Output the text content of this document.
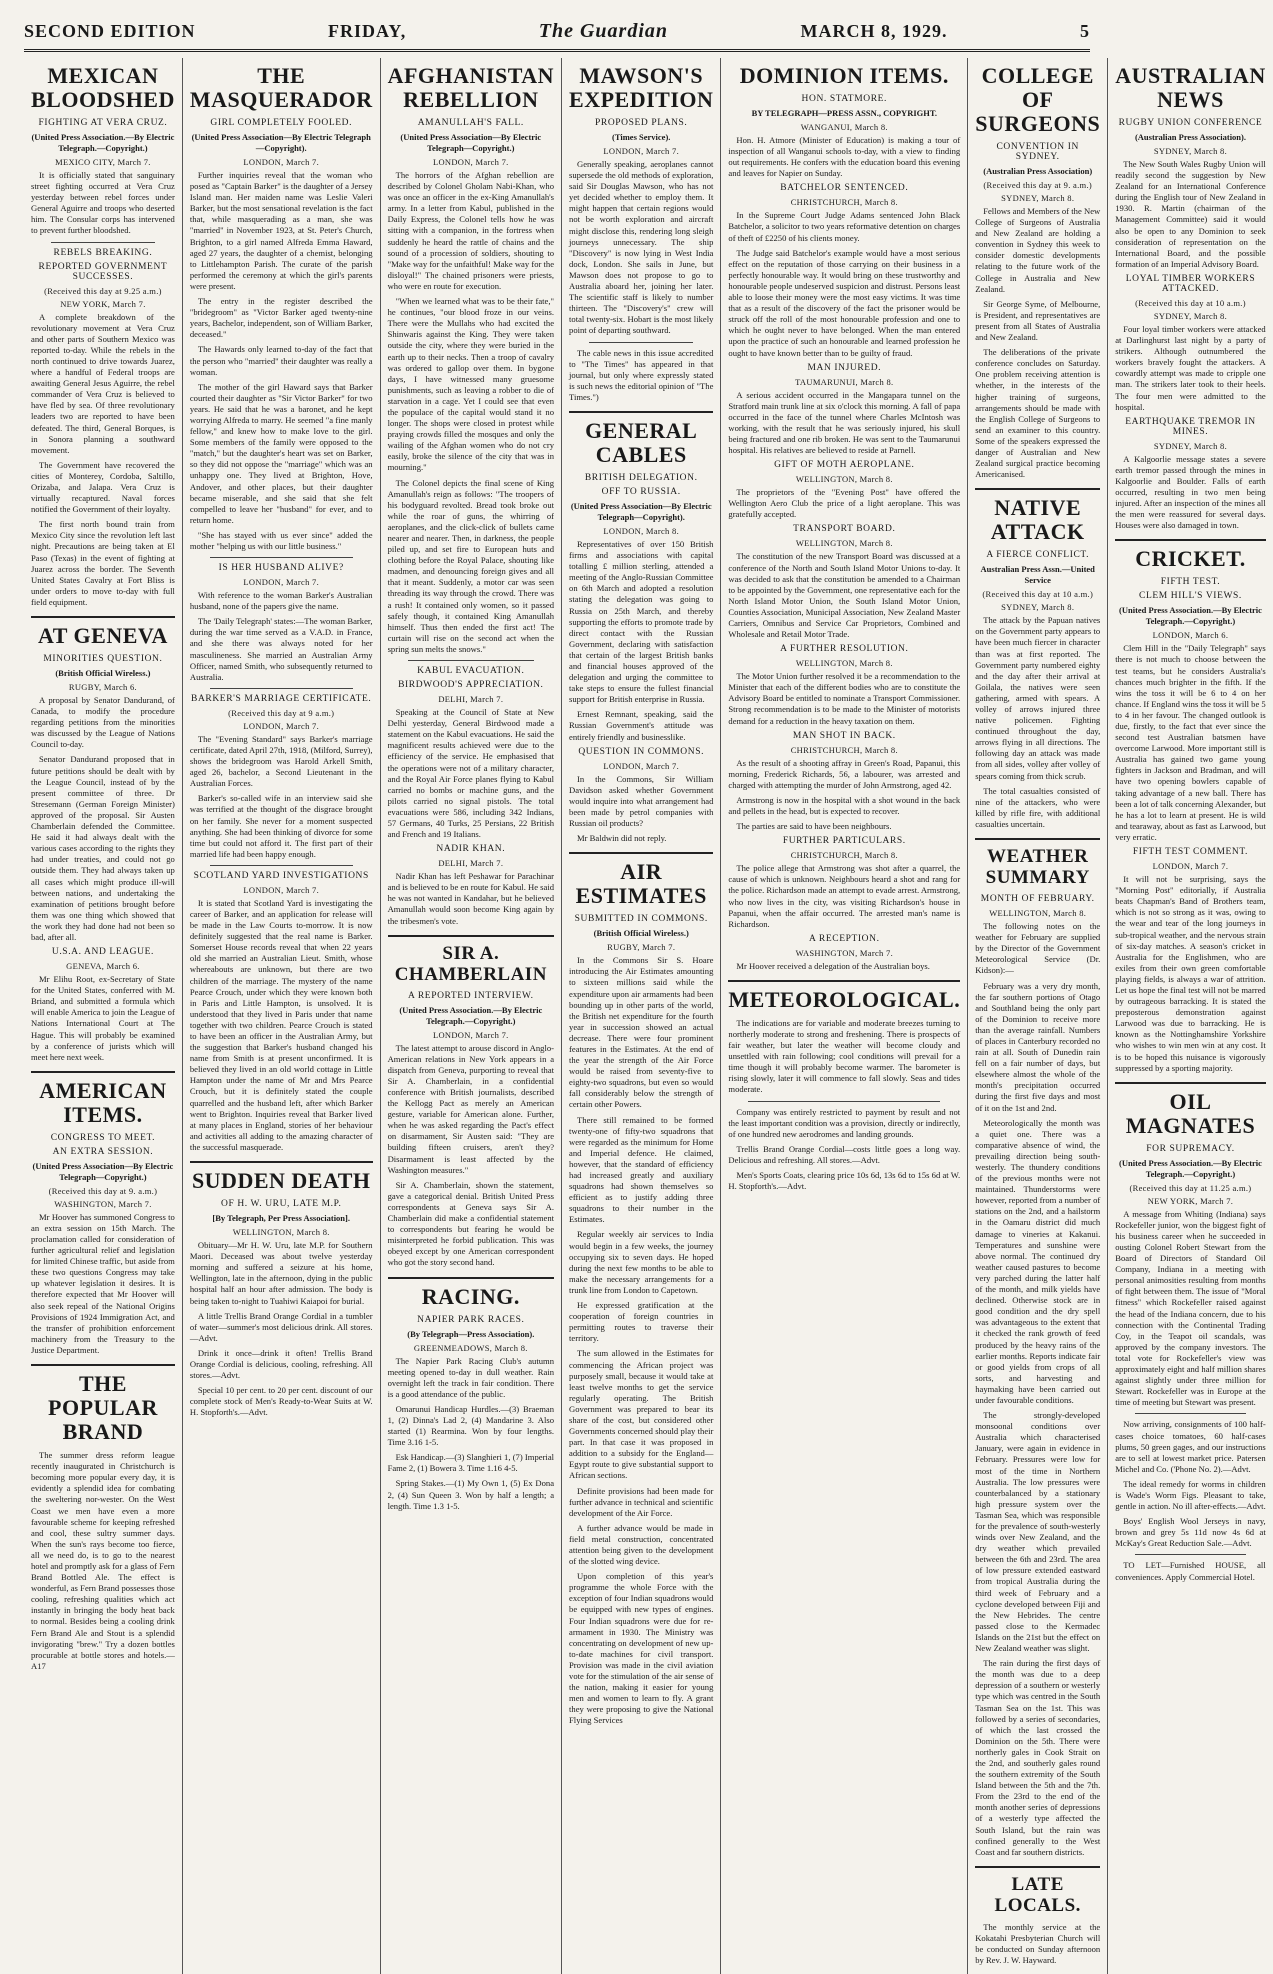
SECOND EDITION	FRIDAY,	The Guardian	MARCH 8, 1929.	5
MEXICAN BLOODSHED
FIGHTING AT VERA CRUZ.
(United Press Association.—By Electric Telegraph.—Copyright.)
MEXICO CITY, March 7.

It is officially stated that sanguinary street fighting occurred at Vera Cruz yesterday between rebel forces under General Aguirre and troops who deserted him. The Consular corps has intervened to prevent further bloodshed.

REBELS BREAKING.
REPORTED GOVERNMENT SUCCESSES.
(Received this day at 9.25 a.m.)
NEW YORK, March 7.

A complete breakdown of the revolutionary movement at Vera Cruz and other parts of Southern Mexico was reported to-day. While the rebels in the north continued to drive towards Juarez, where a handful of Federal troops are awaiting General Jesus Aguirre, the rebel commander of Vera Cruz is believed to have fled by sea. Of three revolutionary leaders two are reported to have been defeated. The third, General Borques, is in Sonora planning a southward movement.

The Government have recovered the cities of Monterey, Cordoba, Saltillo, Orizaba, and Jalapa. Vera Cruz is virtually recaptured. Naval forces notified the Government of their loyalty.

The first north bound train from Mexico City since the revolution left last night. Precautions are being taken at El Paso (Texas) in the event of fighting at Juarez across the border. The Seventh United States Cavalry at Fort Bliss is under orders to move to-day with full field equipment.

AT GENEVA
MINORITIES QUESTION.
(British Official Wireless.)
RUGBY, March 6.

A proposal by Senator Dandurand, of Canada, to modify the procedure regarding petitions from the minorities was discussed by the League of Nations Council to-day.

Senator Dandurand proposed that in future petitions should be dealt with by the League Council, instead of by the present committee of three. Dr Stresemann (German Foreign Minister) approved of the proposal. Sir Austen Chamberlain defended the Committee. He said it had always dealt with the various cases according to the rights they had under treaties, and could not go outside them. They had always taken up all cases which might produce ill-will between nations, and undertaking the examination of petitions brought before them was one thing which showed that the work they had done had not been so bad, after all.

U.S.A. AND LEAGUE.
GENEVA, March 6.

Mr Elihu Root, ex-Secretary of State for the United States, conferred with M. Briand, and submitted a formula which will enable America to join the League of Nations International Court at The Hague. This will probably be examined by a conference of jurists which will meet here next week.

AMERICAN ITEMS.
CONGRESS TO MEET.
AN EXTRA SESSION.
(United Press Association—By Electric Telegraph—Copyright.)
(Received this day at 9. a.m.)
WASHINGTON, March 7.

Mr Hoover has summoned Congress to an extra session on 15th March. The proclamation called for consideration of further agricultural relief and legislation for limited Chinese traffic, but aside from these two questions Congress may take up whatever legislation it desires. It is therefore expected that Mr Hoover will also seek repeal of the National Origins Provisions of 1924 Immigration Act, and the transfer of prohibition enforcement machinery from the Treasury to the Justice Department.

THE POPULAR BRAND

The summer dress reform league recently inaugurated in Christchurch is becoming more popular every day, it is evidently a splendid idea for combating the sweltering nor-wester. On the West Coast we men have even a more favourable scheme for keeping refreshed and cool, these sultry summer days. When the sun's rays become too fierce, all we need do, is to go to the nearest hotel and promptly ask for a glass of Fern Brand Bottled Ale. The effect is wonderful, as Fern Brand possesses those cooling, refreshing qualities which act instantly in bringing the body heat back to normal. Besides being a cooling drink Fern Brand Ale and Stout is a splendid invigorating "brew." Try a dozen bottles procurable at bottle stores and hotels.—A17

THE MASQUERADOR
GIRL COMPLETELY FOOLED.
(United Press Association—By Electric Telegraph—Copyright).
LONDON, March 7.

Further inquiries reveal that the woman who posed as "Captain Barker" is the daughter of a Jersey Island man. Her maiden name was Leslie Valeri Barker, but the most sensational revelation is the fact that, while masquerading as a man, she was "married" in November 1923, at St. Peter's Church, Brighton, to a girl named Alfreda Emma Haward, aged 27 years, the daughter of a chemist, belonging to Littlehampton Parish. The curate of the parish performed the ceremony at which the girl's parents were present.

The entry in the register described the "bridegroom" as "Victor Barker aged twenty-nine years, Bachelor, independent, son of William Barker, deceased."

The Hawards only learned to-day of the fact that the person who "married" their daughter was really a woman.

The mother of the girl Haward says that Barker courted their daughter as "Sir Victor Barker" for two years. He said that he was a baronet, and he kept worrying Alfreda to marry. He seemed "a fine manly fellow," and knew how to make love to the girl. Some members of the family were opposed to the "match," but the daughter's heart was set on Barker, so they did not oppose the "marriage" which was an unhappy one. They lived at Brighton, Hove, Andover, and other places, but their daughter became miserable, and she said that she felt compelled to leave her "husband" for ever, and to return home.

"She has stayed with us ever since" added the mother "helping us with our little business."

IS HER HUSBAND ALIVE?
LONDON, March 7.

With reference to the woman Barker's Australian husband, none of the papers give the name.

The 'Daily Telegraph' states:—The woman Barker, during the war time served as a V.A.D. in France, and she there was always noted for her masculineness. She married an Australian Army Officer, named Smith, who subsequently returned to Australia.

BARKER'S MARRIAGE CERTIFICATE.
(Received this day at 9 a.m.)
LONDON, March 7.

The "Evening Standard" says Barker's marriage certificate, dated April 27th, 1918, (Milford, Surrey), shows the bridegroom was Harold Arkell Smith, aged 26, bachelor, a Second Lieutenant in the Australian Forces.

Barker's so-called wife in an interview said she was terrified at the thought of the disgrace brought on her family. She never for a moment suspected anything. She had been thinking of divorce for some time but could not afford it. The first part of their married life had been happy enough.

SCOTLAND YARD INVESTIGATIONS
LONDON, March 7.

It is stated that Scotland Yard is investigating the career of Barker, and an application for release will be made in the Law Courts to-morrow. It is now definitely suggested that the real name is Barker. Somerset House records reveal that when 22 years old she married an Australian Lieut. Smith, whose whereabouts are unknown, but there are two children of the marriage. The mystery of the name Pearce Crouch, under which they were known both in Paris and Little Hampton, is unsolved. It is understood that they lived in Paris under that name together with two children. Pearce Crouch is stated to have been an officer in the Australian Army, but the suggestion that Barker's husband changed his name from Smith is at present unconfirmed. It is believed they lived in an old world cottage in Little Hampton under the name of Mr and Mrs Pearce Crouch, but it is definitely stated the couple quarrelled and the husband left, after which Barker went to Brighton. Inquiries reveal that Barker lived at many places in England, stories of her behaviour and activities all adding to the amazing character of the successful masquerade.

SUDDEN DEATH
OF H. W. URU, LATE M.P.
[By Telegraph, Per Press Association].
WELLINGTON, March 8.

Obituary—Mr H. W. Uru, late M.P. for Southern Maori. Deceased was about twelve yesterday morning and suffered a seizure at his home, Wellington, late in the afternoon, dying in the public hospital half an hour after admission. The body is being taken to-night to Tuahiwi Kaiapoi for burial.

A little Trellis Brand Orange Cordial in a tumbler of water—summer's most delicious drink. All stores.—Advt.

Drink it once—drink it often! Trellis Brand Orange Cordial is delicious, cooling, refreshing. All stores.—Advt.

Special 10 per cent. to 20 per cent. discount of our complete stock of Men's Ready-to-Wear Suits at W. H. Stopforth's.—Advt.

AFGHANISTAN REBELLION
AMANULLAH'S FALL.
(United Press Association—By Electric Telegraph—Copyright.)
LONDON, March 7.

The horrors of the Afghan rebellion are described by Colonel Gholam Nabi-Khan, who was once an officer in the ex-King Amanullah's army. In a letter from Kabul, published in the Daily Express, the Colonel tells how he was sitting with a companion, in the fortress when suddenly he heard the rattle of chains and the sound of a procession of soldiers, shouting to "Make way for the unfaithful! Make way for the disloyal!" The chained prisoners were priests, who were en route for execution.

"When we learned what was to be their fate," he continues, "our blood froze in our veins. There were the Mullahs who had excited the Shinwaris against the King. They were taken outside the city, where they were buried in the earth up to their necks. Then a troop of cavalry was ordered to gallop over them. In bygone days, I have witnessed many gruesome punishments, such as leaving a robber to die of starvation in a cage. Yet I could see that even the populace of the capital would stand it no longer. The shops were closed in protest while praying crowds filled the mosques and only the wailing of the Afghan women who do not cry easily, broke the silence of the city that was in mourning."

The Colonel depicts the final scene of King Amanullah's reign as follows: "The troopers of his bodyguard revolted. Bread took broke out while the roar of guns, the whirring of aeroplanes, and the click-click of bullets came nearer and nearer. Then, in darkness, the people piled up, and set fire to European huts and clothing before the Royal Palace, shouting like madmen, and denouncing foreign gives and all that it meant. Suddenly, a motor car was seen threading its way through the crowd. There was a rush! It contained only women, so it passed safely though, it contained King Amanullah himself. Thus then ended the first act! The curtain will rise on the second act when the spring sun melts the snows."

KABUL EVACUATION.
BIRDWOOD'S APPRECIATION.
DELHI, March 7.

Speaking at the Council of State at New Delhi yesterday, General Birdwood made a statement on the Kabul evacuations. He said the magnificent results achieved were due to the efficiency of the service. He emphasised that the operations were not of a military character, and the Royal Air Force planes flying to Kabul carried no bombs or machine guns, and the pilots carried no signal pistols. The total evacuations were 586, including 342 Indians, 57 Germans, 40 Turks, 25 Persians, 22 British and French and 19 Italians.

NADIR KHAN.
DELHI, March 7.

Nadir Khan has left Peshawar for Parachinar and is believed to be en route for Kabul. He said he was not wanted in Kandahar, but he believed Amanullah would soon become King again by the tribesmen's vote.

SIR A. CHAMBERLAIN
A REPORTED INTERVIEW.
(United Press Association.—By Electric Telegraph.—Copyright.)
LONDON, March 7.

The latest attempt to arouse discord in Anglo-American relations in New York appears in a dispatch from Geneva, purporting to reveal that Sir A. Chamberlain, in a confidential conference with British journalists, described the Kellogg Pact as merely an American gesture, variable for American alone. Further, when he was asked regarding the Pact's effect on disarmament, Sir Austen said: "They are building fifteen cruisers, aren't they? Disarmament is least affected by the Washington measures."

Sir A. Chamberlain, shown the statement, gave a categorical denial. British United Press correspondents at Geneva says Sir A. Chamberlain did make a confidential statement to correspondents but fearing he would be misinterpreted he forbid publication. This was obeyed except by one American correspondent who got the story second hand.

RACING.
NAPIER PARK RACES.
(By Telegraph—Press Association).
GREENMEADOWS, March 8.

The Napier Park Racing Club's autumn meeting opened to-day in dull weather. Rain overnight left the track in fair condition. There is a good attendance of the public.

Omarunui Handicap Hurdles.—(3) Braeman 1, (2) Dinna's Lad 2, (4) Mandarine 3. Also started (1) Rearmina. Won by four lengths. Time 3.16 1-5.

Esk Handicap.—(3) Slanghieri 1, (7) Imperial Fame 2, (1) Bowera 3. Time 1.16 4-5.

Spring Stakes.—(1) My Own 1, (5) Ex Dona 2, (4) Sun Queen 3. Won by half a length; a length. Time 1.3 1-5.

MAWSON'S EXPEDITION
PROPOSED PLANS.
(Times Service).
LONDON, March 7.

Generally speaking, aeroplanes cannot supersede the old methods of exploration, said Sir Douglas Mawson, who has not yet decided whether to employ them. It might happen that certain regions would not be worth exploration and aircraft might disclose this, rendering long sleigh journeys unnecessary. The ship "Discovery" is now lying in West India dock, London. She sails in June, but Mawson does not propose to go to Australia aboard her, joining her later. The scientific staff is likely to number thirteen. The "Discovery's" crew will total twenty-six. Hobart is the most likely point of departing southward.

The cable news in this issue accredited to "The Times" has appeared in that journal, but only where expressly stated is such news the editorial opinion of "The Times.")

GENERAL CABLES
BRITISH DELEGATION.
OFF TO RUSSIA.
(United Press Association—By Electric Telegraph—Copyright).
LONDON, March 8.

Representatives of over 150 British firms and associations with capital totalling £ million sterling, attended a meeting of the Anglo-Russian Committee on 6th March and adopted a resolution stating the delegation was going to Russia on 25th March, and thereby supporting the efforts to promote trade by direct contact with the Russian Government, declaring with satisfaction that certain of the largest British banks and financial houses approved of the delegation and urging the committee to take steps to ensure the fullest financial support for British enterprise in Russia.

Ernest Remnant, speaking, said the Russian Government's attitude was entirely friendly and businesslike.

QUESTION IN COMMONS.
LONDON, March 7.

In the Commons, Sir William Davidson asked whether Government would inquire into what arrangement had been made by petrol companies with Russian oil products?

Mr Baldwin did not reply.

AIR ESTIMATES
SUBMITTED IN COMMONS.
(British Official Wireless.)
RUGBY, March 7.

In the Commons Sir S. Hoare introducing the Air Estimates amounting to sixteen millions said while the expenditure upon air armaments had been bounding up in other parts of the world, the British net expenditure for the fourth year in succession showed an actual decrease. There were four prominent features in the Estimates. At the end of the year the strength of the Air Force would be raised from seventy-five to eighty-two squadrons, but even so would fall considerably below the strength of certain other Powers.

There still remained to be formed twenty-one of fifty-two squadrons that were regarded as the minimum for Home and Imperial defence. He claimed, however, that the standard of efficiency had increased greatly and auxiliary squadrons had shown themselves so efficient as to justify adding three squadrons to their number in the Estimates.

Regular weekly air services to India would begin in a few weeks, the journey occupying six to seven days. He hoped during the next few months to be able to make the necessary arrangements for a trunk line from London to Capetown.

He expressed gratification at the cooperation of foreign countries in permitting routes to traverse their territory.

The sum allowed in the Estimates for commencing the African project was purposely small, because it would take at least twelve months to get the service regularly operating. The British Government was prepared to bear its share of the cost, but considered other Governments concerned should play their part. In that case it was proposed in addition to a subsidy for the England—Egypt route to give substantial support to African sections.

Definite provisions had been made for further advance in technical and scientific development of the Air Force.

A further advance would be made in field metal construction, concentrated attention being given to the development of the slotted wing device.

Upon completion of this year's programme the whole Force with the exception of four Indian squadrons would be equipped with new types of engines. Four Indian squadrons were due for re-armament in 1930. The Ministry was concentrating on development of new up-to-date machines for civil transport. Provision was made in the civil aviation vote for the stimulation of the air sense of the nation, making it easier for young men and women to learn to fly. A grant they were proposing to give the National Flying Services

DOMINION ITEMS.
HON. STATMORE.
BY TELEGRAPH—PRESS ASSN., COPYRIGHT.
WANGANUI, March 8.

Hon. H. Atmore (Minister of Education) is making a tour of inspection of all Wanganui schools to-day, with a view to finding out requirements. He confers with the education board this evening and leaves for Napier on Sunday.

BATCHELOR SENTENCED.
CHRISTCHURCH, March 8.

In the Supreme Court Judge Adams sentenced John Black Batchelor, a solicitor to two years reformative detention on charges of theft of £2250 of his clients money.

The Judge said Batchelor's example would have a most serious effect on the reputation of those carrying on their business in a perfectly honourable way. It would bring on these trustworthy and honourable people undeserved suspicion and distrust. Persons least able to loose their money were the most easy victims. It was time that as a result of the discovery of the fact the prisoner would be struck off the roll of the most honourable profession and one to which he ought never to have belonged. When the man entered upon the practice of such an honourable and learned profession he ought to have known better than to be guilty of fraud.

MAN INJURED.
TAUMARUNUI, March 8.

A serious accident occurred in the Mangapara tunnel on the Stratford main trunk line at six o'clock this morning. A fall of papa occurred in the face of the tunnel where Charles McIntosh was working, with the result that he was seriously injured, his skull being fractured and one rib broken. He was sent to the Taumarunui hospital. His relatives are believed to reside at Parnell.

GIFT OF MOTH AEROPLANE.
WELLINGTON, March 8.

The proprietors of the "Evening Post" have offered the Wellington Aero Club the price of a light aeroplane. This was gratefully accepted.

TRANSPORT BOARD.
WELLINGTON, March 8.

The constitution of the new Transport Board was discussed at a conference of the North and South Island Motor Unions to-day. It was decided to ask that the constitution be amended to a Chairman to be appointed by the Government, one representative each for the North Island Motor Union, the South Island Motor Union, Counties Association, Municipal Association, New Zealand Master Carriers, Omnibus and Service Car Proprietors, Combined and Wholesale and Retail Motor Trade.

A FURTHER RESOLUTION.
WELLINGTON, March 8.

The Motor Union further resolved it be a recommendation to the Minister that each of the different bodies who are to constitute the Advisory Board be entitled to nominate a Transport Commissioner. Strong recommendation is to be made to the Minister of motorists demand for a reduction in the heavy taxation on them.

MAN SHOT IN BACK.
CHRISTCHURCH, March 8.

As the result of a shooting affray in Green's Road, Papanui, this morning, Frederick Richards, 56, a labourer, was arrested and charged with attempting the murder of John Armstrong, aged 42.

Armstrong is now in the hospital with a shot wound in the back and pellets in the head, but is expected to recover.

The parties are said to have been neighbours.

FURTHER PARTICULARS.
CHRISTCHURCH, March 8.

The police allege that Armstrong was shot after a quarrel, the cause of which is unknown. Neighbours heard a shot and rang for the police. Richardson made an attempt to evade arrest. Armstrong, who now lives in the city, was visiting Richardson's house in Papanui, when the affair occurred. The arrested man's name is Richardson.

A RECEPTION.
WASHINGTON, March 7.

Mr Hoover received a delegation of the Australian boys.

METEOROLOGICAL.

The indications are for variable and moderate breezes turning to northerly moderate to strong and freshening. There is prospects of fair weather, but later the weather will become cloudy and unsettled with rain following; cool conditions will prevail for a time though it will probably become warmer. The barometer is rising slowly, later it will commence to fall slowly. Seas and tides moderate.

Company was entirely restricted to payment by result and not the least important condition was a provision, directly or indirectly, of one hundred new aerodromes and landing grounds.

Trellis Brand Orange Cordial—costs little goes a long way. Delicious and refreshing. All stores.—Advt.

Men's Sports Coats, clearing price 10s 6d, 13s 6d to 15s 6d at W. H. Stopforth's.—Advt.

COLLEGE OF SURGEONS
CONVENTION IN SYDNEY.
(Australian Press Association)
(Received this day at 9. a.m.)
SYDNEY, March 8.

Fellows and Members of the New College of Surgeons of Australia and New Zealand are holding a convention in Sydney this week to consider domestic developments relating to the future work of the College in Australia and New Zealand.

Sir George Syme, of Melbourne, is President, and representatives are present from all States of Australia and New Zealand.

The deliberations of the private conference concludes on Saturday. One problem receiving attention is whether, in the interests of the higher training of surgeons, arrangements should be made with the English College of Surgeons to send an examiner to this country. Some of the speakers expressed the danger of Australian and New Zealand surgical practice becoming Americanised.

NATIVE ATTACK
A FIERCE CONFLICT.
Australian Press Assn.—United Service
(Received this day at 10 a.m.)
SYDNEY, March 8.

The attack by the Papuan natives on the Government party appears to have been much fiercer in character than was at first reported. The Government party numbered eighty and the day after their arrival at Goilala, the natives were seen gathering, armed with spears. A volley of arrows injured three native policemen. Fighting continued throughout the day, arrows flying in all directions. The following day an attack was made from all sides, volley after volley of spears coming from thick scrub.

The total casualties consisted of nine of the attackers, who were killed by rifle fire, with additional casualties uncertain.

WEATHER SUMMARY
MONTH OF FEBRUARY.
WELLINGTON, March 8.

The following notes on the weather for February are supplied by the Director of the Government Meteorological Service (Dr. Kidson):—

February was a very dry month, the far southern portions of Otago and Southland being the only part of the Dominion to receive more than the average rainfall. Numbers of places in Canterbury recorded no rain at all. South of Dunedin rain fell on a fair number of days, but elsewhere almost the whole of the month's precipitation occurred during the first five days and most of it on the 1st and 2nd.

Meteorologically the month was a quiet one. There was a comparative absence of wind, the prevailing direction being south-westerly. The thundery conditions of the previous months were not maintained. Thunderstorms were however, reported from a number of stations on the 2nd, and a hailstorm in the Oamaru district did much damage to vineries at Kakanui. Temperatures and sunshine were above normal. The continued dry weather caused pastures to become very parched during the latter half of the month, and milk yields have declined. Otherwise stock are in good condition and the dry spell was advantageous to the extent that it checked the rank growth of feed produced by the heavy rains of the earlier months. Reports indicate fair or good yields from crops of all sorts, and harvesting and haymaking have been carried out under favourable conditions.

The strongly-developed monsoonal conditions over Australia which characterised January, were again in evidence in February. Pressures were low for most of the time in Northern Australia. The low pressures were counterbalanced by a stationary high pressure system over the Tasman Sea, which was responsible for the prevalence of south-westerly winds over New Zealand, and the dry weather which prevailed between the 6th and 23rd. The area of low pressure extended eastward from tropical Australia during the third week of February and a cyclone developed between Fiji and the New Hebrides. The centre passed close to the Kermadec Islands on the 21st but the effect on New Zealand weather was slight.

The rain during the first days of the month was due to a deep depression of a southern or westerly type which was centred in the South Tasman Sea on the 1st. This was followed by a series of secondaries, of which the last crossed the Dominion on the 5th. There were northerly gales in Cook Strait on the 2nd, and southerly gales round the southern extremity of the South Island between the 5th and the 7th. From the 23rd to the end of the month another series of depressions of a westerly type affected the South Island, but the rain was confined generally to the West Coast and far southern districts.

LATE LOCALS.

The monthly service at the Kokatahi Presbyterian Church will be conducted on Sunday afternoon by Rev. J. W. Hayward.

AUSTRALIAN NEWS
RUGBY UNION CONFERENCE
(Australian Press Association).
SYDNEY, March 8.

The New South Wales Rugby Union will readily second the suggestion by New Zealand for an International Conference during the English tour of New Zealand in 1930. R. Martin (chairman of the Management Committee) said it would also be open to any Dominion to seek consideration of representation on the International Board, and the possible formation of an Imperial Advisory Board.

LOYAL TIMBER WORKERS ATTACKED.
(Received this day at 10 a.m.)
SYDNEY, March 8.

Four loyal timber workers were attacked at Darlinghurst last night by a party of strikers. Although outnumbered the workers bravely fought the attackers. A cowardly attempt was made to cripple one man. The strikers later took to their heels. The four men were admitted to the hospital.

EARTHQUAKE TREMOR IN MINES.
SYDNEY, March 8.

A Kalgoorlie message states a severe earth tremor passed through the mines in Kalgoorlie and Boulder. Falls of earth occurred, resulting in two men being injured. After an inspection of the mines all the men were reassured for several days. Houses were also damaged in town.

CRICKET.
FIFTH TEST.
CLEM HILL'S VIEWS.
(United Press Association.—By Electric Telegraph.—Copyright.)
LONDON, March 6.

Clem Hill in the "Daily Telegraph" says there is not much to choose between the test teams, but he considers Australia's chances much brighter in the fifth. If the wins the toss it will be 6 to 4 on her chance. If England wins the toss it will be 5 to 4 in her favour. The changed outlook is due, firstly, to the fact that ever since the second test Australian batsmen have overcome Larwood. More important still is Australia has gained two game young fighters in Jackson and Bradman, and will have two opening bowlers capable of taking advantage of a new ball. There has been a lot of talk concerning Alexander, but he has a lot to learn at present. He is wild and tearaway, about as fast as Larwood, but very erratic.

FIFTH TEST COMMENT.
LONDON, March 7.

It will not be surprising, says the "Morning Post" editorially, if Australia beats Chapman's Band of Brothers team, which is not so strong as it was, owing to the wear and tear of the long journeys in sub-tropical weather, and the nervous strain of six-day matches. A season's cricket in Australia for the Englishmen, who are exiles from their own green comfortable playing fields, is always a war of attrition. Let us hope the final test will not be marred by outrageous barracking. It is stated the preposterous demonstration against Larwood was due to barracking. He is known as the Nottinghamshire Yorkshire who wishes to win men win at any cost. It is to be hoped this nuisance is vigorously suppressed by a sporting majority.

OIL MAGNATES
FOR SUPREMACY.
(United Press Association.—By Electric Telegraph.—Copyright.)
(Received this day at 11.25 a.m.)
NEW YORK, March 7.

A message from Whiting (Indiana) says Rockefeller junior, won the biggest fight of his business career when he succeeded in ousting Colonel Robert Stewart from the Board of Directors of Standard Oil Company, Indiana in a meeting with personal animosities resulting from months of fight between them. The issue of "Moral fitness" which Rockefeller raised against the head of the Indiana concern, due to his connection with the Continental Trading Coy, in the Teapot oil scandals, was approved by the company investors. The total vote for Rockefeller's view was approximately eight and half million shares against slightly under three million for Stewart. Rockefeller was in Europe at the time of meeting but Stewart was present.

Now arriving, consignments of 100 half-cases choice tomatoes, 60 half-cases plums, 50 green gages, and our instructions are to sell at lowest market price. Patersen Michel and Co. ('Phone No. 2).—Advt.

The ideal remedy for worms in children is Wade's Worm Figs. Pleasant to take, gentle in action. No ill after-effects.—Advt.

Boys' English Wool Jerseys in navy, brown and grey 5s 11d now 4s 6d at McKay's Great Reduction Sale.—Advt.

TO LET—Furnished HOUSE, all conveniences. Apply Commercial Hotel.
